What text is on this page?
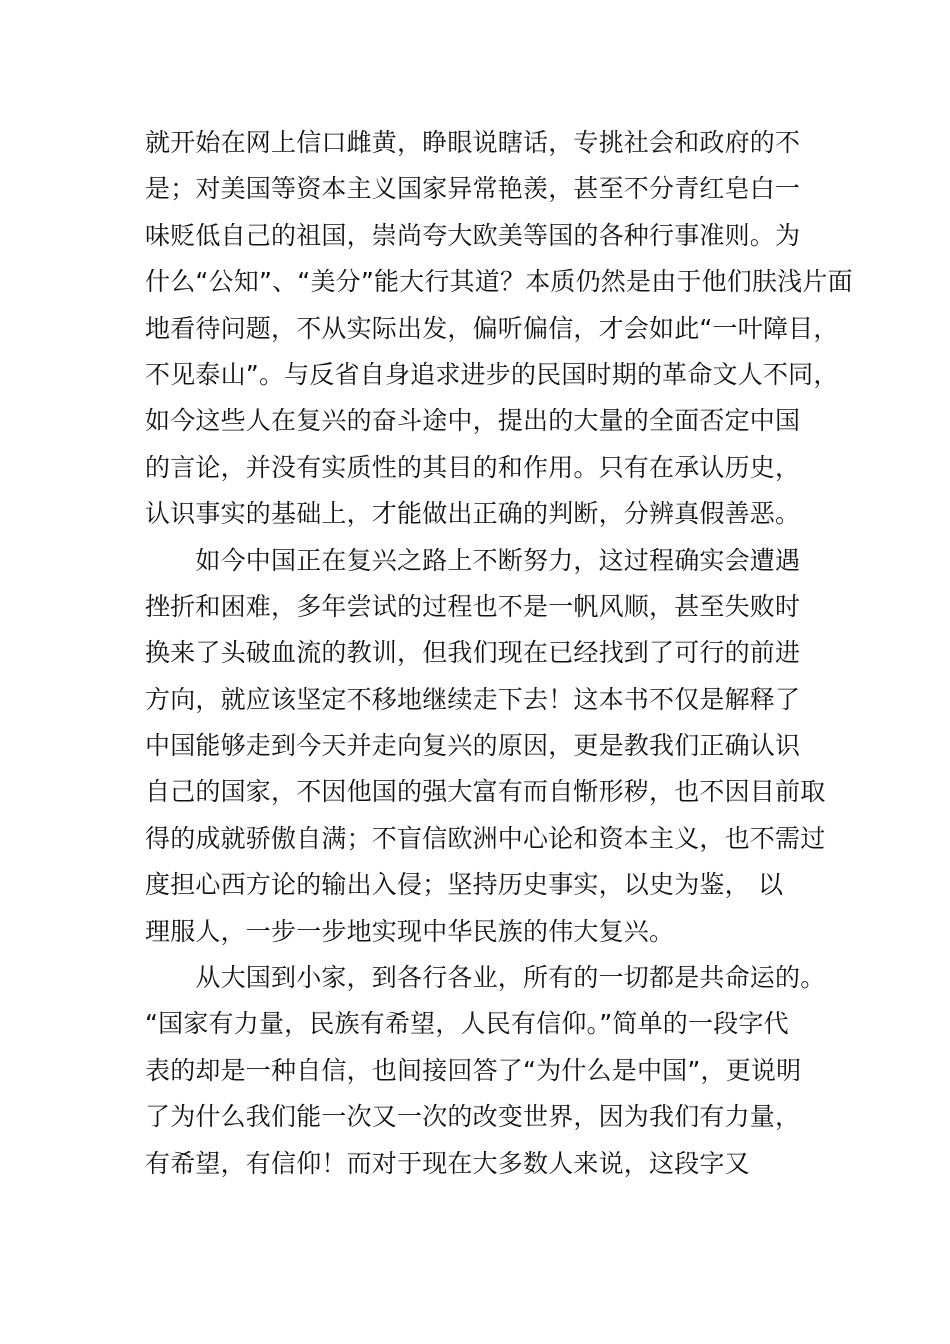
就开始在网上信口雌黄，睁眼说瞎话，专挑社会和政府的不
是；对美国等资本主义国家异常艳羡，甚至不分青红皂白一
味贬低自己的祖国，崇尚夸大欧美等国的各种行事准则。为
什么“公知”、“美分”能大行其道？本质仍然是由于他们肤浅片面
地看待问题，不从实际出发，偏听偏信，才会如此“一叶障目，
不见泰山”。与反省自身追求进步的民国时期的革命文人不同，
如今这些人在复兴的奋斗途中，提出的大量的全面否定中国
的言论，并没有实质性的其目的和作用。只有在承认历史，
认识事实的基础上，才能做出正确的判断，分辨真假善恶。
　　如今中国正在复兴之路上不断努力，这过程确实会遭遇
挫折和困难，多年尝试的过程也不是一帆风顺，甚至失败时
换来了头破血流的教训，但我们现在已经找到了可行的前进
方向，就应该坚定不移地继续走下去！这本书不仅是解释了
中国能够走到今天并走向复兴的原因，更是教我们正确认识
自己的国家，不因他国的强大富有而自惭形秽，也不因目前取
得的成就骄傲自满；不盲信欧洲中心论和资本主义，也不需过
度担心西方论的输出入侵；坚持历史事实，以史为鉴， 以
理服人，一步一步地实现中华民族的伟大复兴。
　　从大国到小家，到各行各业，所有的一切都是共命运的。
“国家有力量，民族有希望，人民有信仰。”简单的一段字代
表的却是一种自信，也间接回答了“为什么是中国”，更说明
了为什么我们能一次又一次的改变世界，因为我们有力量，
有希望，有信仰！而对于现在大多数人来说，这段字又
